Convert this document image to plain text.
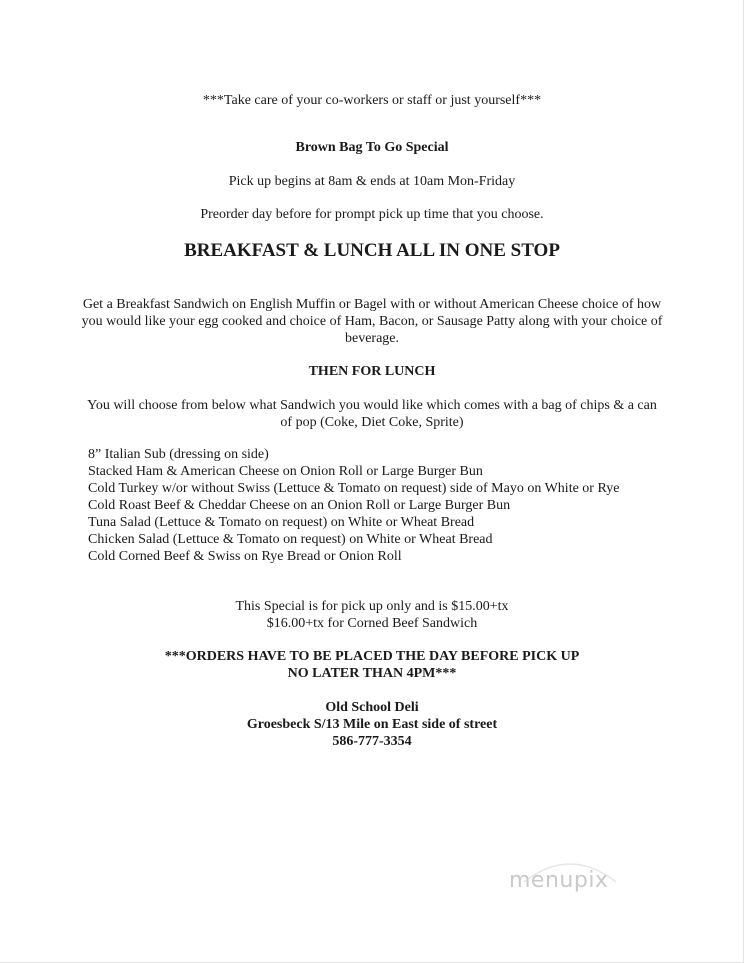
***Take care of your co-workers or staff or just yourself***
Brown Bag To Go Special
Pick up begins at 8am & ends at 10am Mon-Friday
Preorder day before for prompt pick up time that you choose.
BREAKFAST & LUNCH ALL IN ONE STOP
Get a Breakfast Sandwich on English Muffin or Bagel with or without American Cheese choice of how you would like your egg cooked and choice of Ham, Bacon, or Sausage Patty along with your choice of beverage.
THEN FOR LUNCH
You will choose from below what Sandwich you would like which comes with a bag of chips & a can of pop (Coke, Diet Coke, Sprite)
8” Italian Sub (dressing on side)
Stacked Ham & American Cheese on Onion Roll or Large Burger Bun
Cold Turkey w/or without Swiss (Lettuce & Tomato on request) side of Mayo on White or Rye
Cold Roast Beef & Cheddar Cheese on an Onion Roll or Large Burger Bun
Tuna Salad (Lettuce & Tomato on request) on White or Wheat Bread
Chicken Salad (Lettuce & Tomato on request) on White or Wheat Bread
Cold Corned Beef & Swiss on Rye Bread or Onion Roll
This Special is for pick up only and is $15.00+tx
$16.00+tx for Corned Beef Sandwich
***ORDERS HAVE TO BE PLACED THE DAY BEFORE PICK UP
NO LATER THAN 4PM***
Old School Deli
Groesbeck S/13 Mile on East side of street
586-777-3354
menupix
